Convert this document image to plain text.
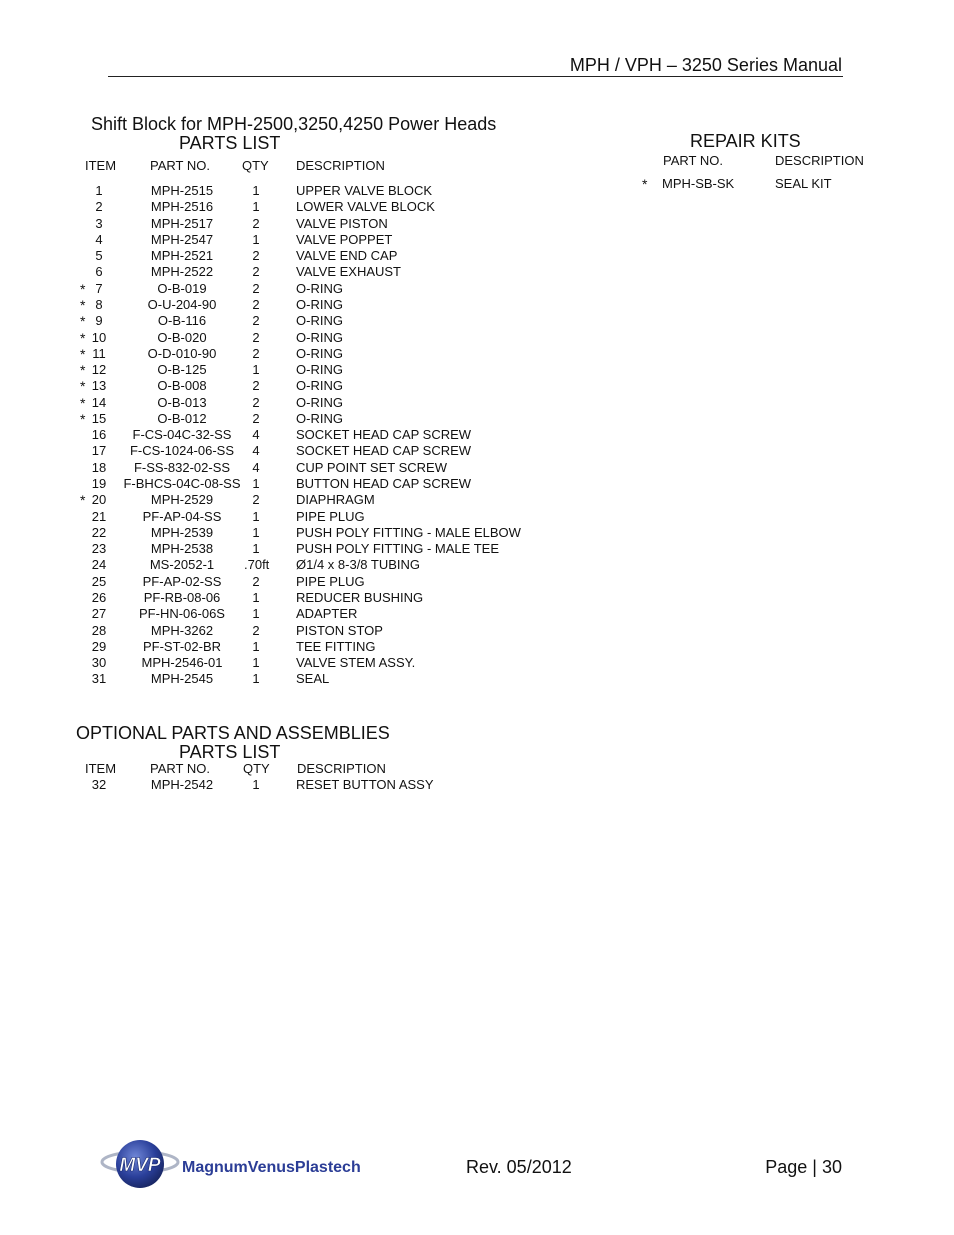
MPH / VPH – 3250 Series Manual
Shift Block for MPH-2500,3250,4250 Power Heads
PARTS LIST
ITEM	PART NO. QTY DESCRIPTION
1	MPH-2515	1	UPPER VALVE BLOCK
2	MPH-2516	1	LOWER VALVE BLOCK
3	MPH-2517	2	VALVE PISTON
4	MPH-2547	1	VALVE POPPET
5	MPH-2521	2	VALVE END CAP
6	MPH-2522	2	VALVE EXHAUST
* 7	O-B-019	2	O-RING
* 8	O-U-204-90	2	O-RING
* 9	O-B-116	2	O-RING
* 10	O-B-020	2	O-RING
* 11	O-D-010-90	2	O-RING
* 12	O-B-125	1	O-RING
* 13	O-B-008	2	O-RING
* 14	O-B-013	2	O-RING
* 15	O-B-012	2	O-RING
16	F-CS-04C-32-SS	4	SOCKET HEAD CAP SCREW
17	F-CS-1024-06-SS	4	SOCKET HEAD CAP SCREW
18	F-SS-832-02-SS	4	CUP POINT SET SCREW
19	F-BHCS-04C-08-SS 1	BUTTON HEAD CAP SCREW
* 20	MPH-2529	2	DIAPHRAGM
21	PF-AP-04-SS	1	PIPE PLUG
22	MPH-2539	1	PUSH POLY FITTING - MALE ELBOW
23	MPH-2538	1	PUSH POLY FITTING - MALE TEE
24	MS-2052-1	.70ft Ø1/4 x 8-3/8 TUBING
25	PF-AP-02-SS	2	PIPE PLUG
26	PF-RB-08-06	1	REDUCER BUSHING
27	PF-HN-06-06S	1	ADAPTER
28	MPH-3262	2	PISTON STOP
29	PF-ST-02-BR	1	TEE FITTING
30	MPH-2546-01	1	VALVE STEM ASSY.
31	MPH-2545	1	SEAL
REPAIR KITS
PART NO.	DESCRIPTION
* MPH-SB-SK	SEAL KIT
OPTIONAL PARTS AND ASSEMBLIES
PARTS LIST
ITEM	PART NO.	QTY DESCRIPTION
32	MPH-2542	1	RESET BUTTON ASSY
MVP MagnumVenusPlastech	Rev. 05/2012	Page | 30
